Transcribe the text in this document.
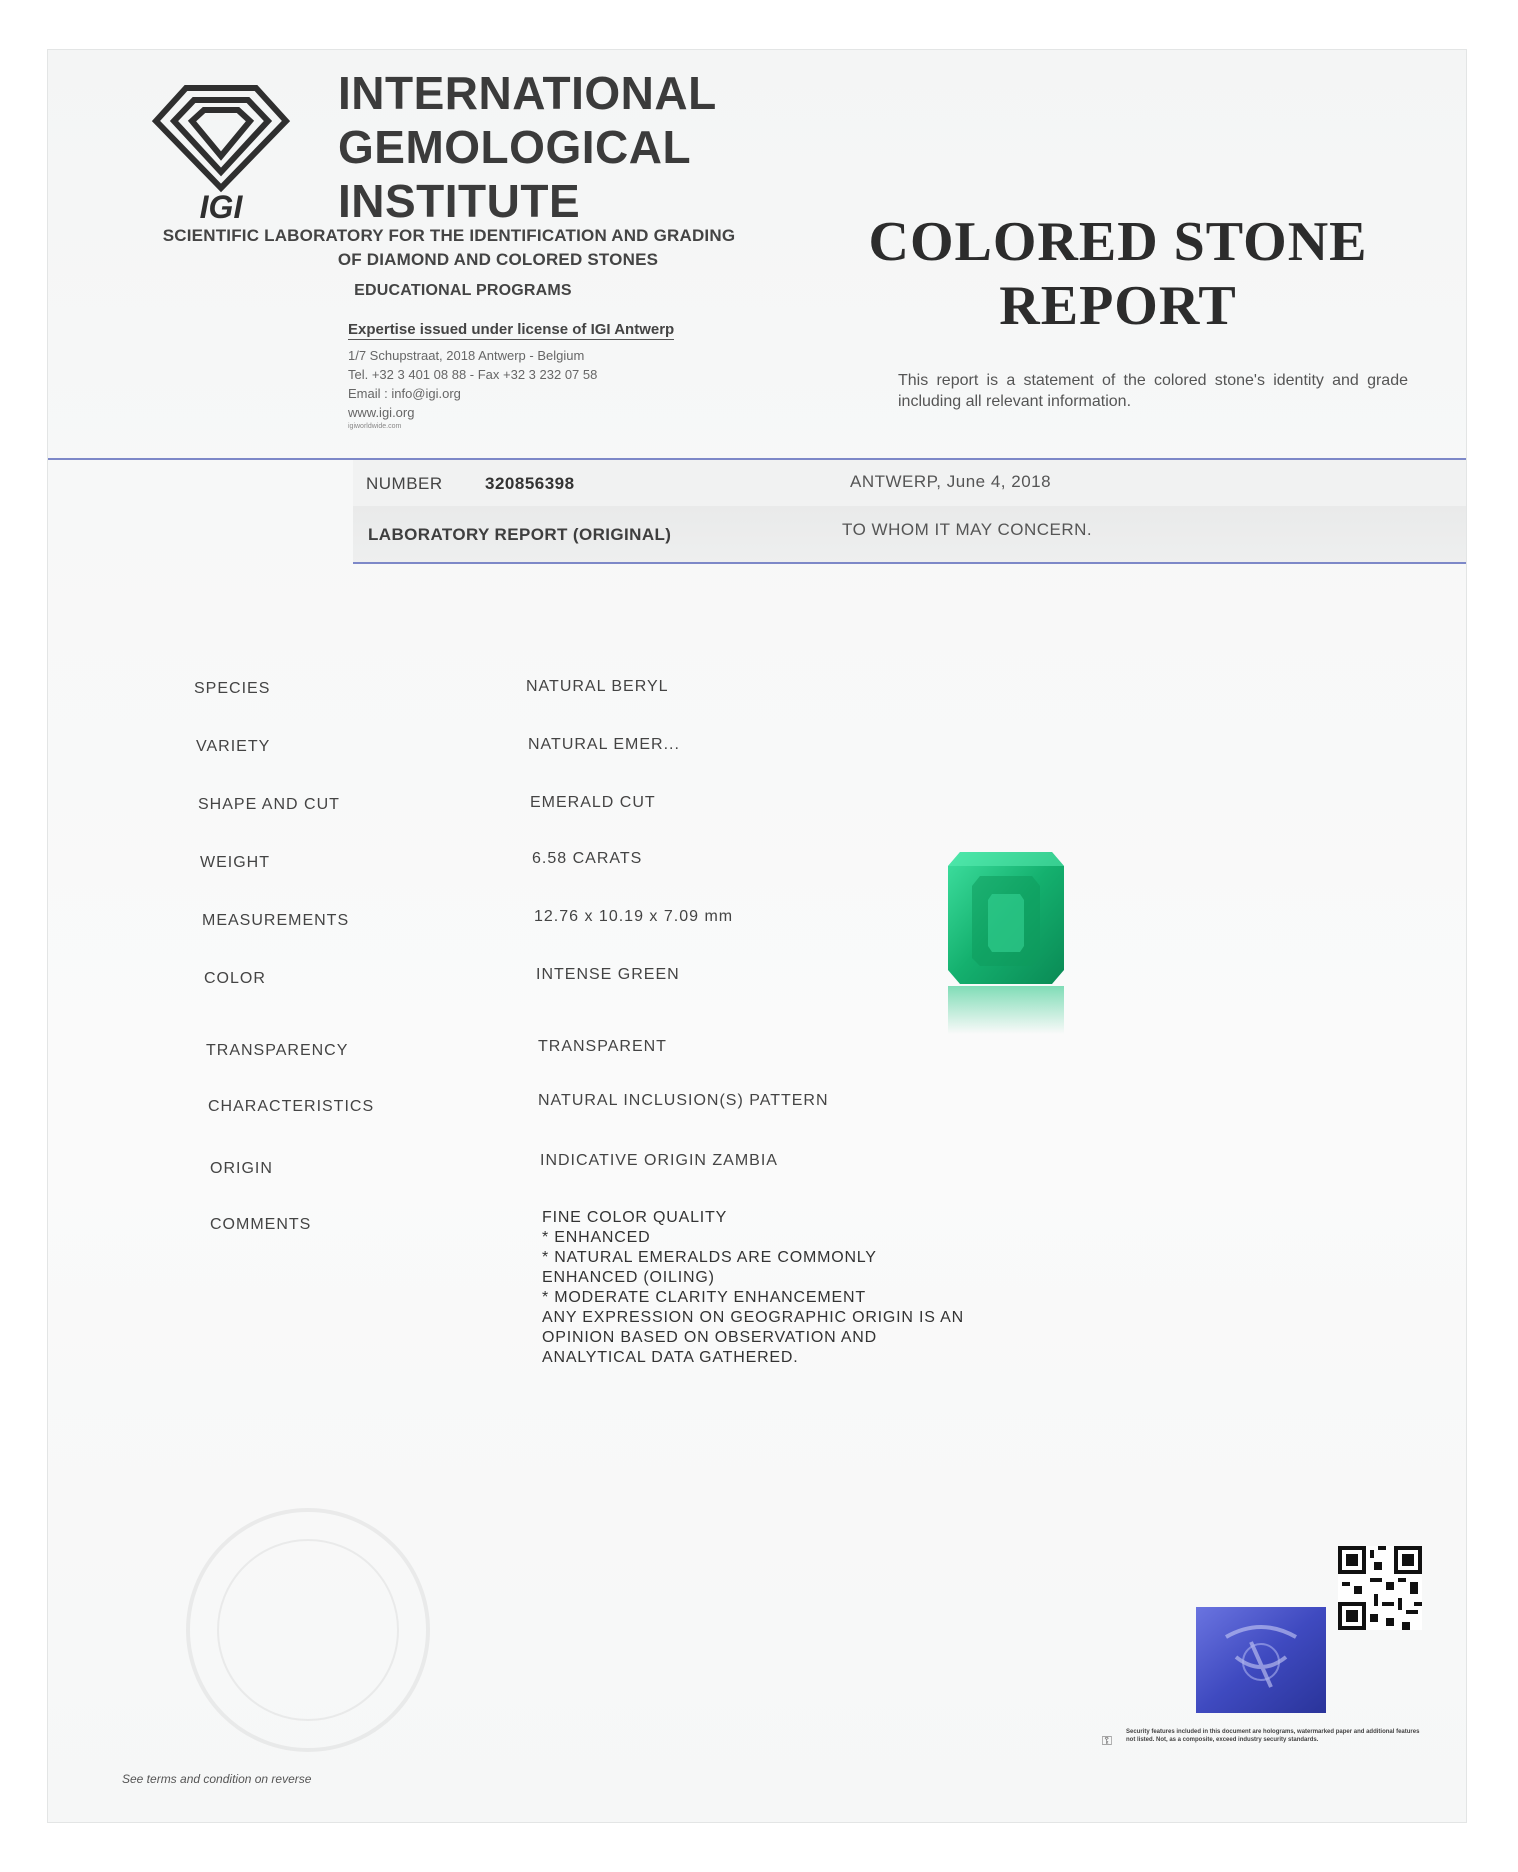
IGI
INTERNATIONAL
GEMOLOGICAL
INSTITUTE
SCIENTIFIC LABORATORY FOR THE IDENTIFICATION AND GRADING
OF DIAMOND AND COLORED STONES
EDUCATIONAL PROGRAMS
Expertise issued under license of IGI Antwerp
1/7 Schupstraat, 2018 Antwerp - Belgium
Tel. +32 3 401 08 88 - Fax +32 3 232 07 58
Email : info@igi.org
www.igi.org
igiworldwide.com
COLORED STONE
REPORT
This report is a statement of the colored stone's identity and grade including all relevant information.
NUMBER 320856398	ANTWERP, June 4, 2018
LABORATORY REPORT (ORIGINAL)	TO WHOM IT MAY CONCERN.
SPECIES	NATURAL BERYL
VARIETY	NATURAL EMER...
SHAPE AND CUT	EMERALD CUT
WEIGHT	6.58 CARATS
MEASUREMENTS	12.76 x 10.19 x 7.09 mm
COLOR	INTENSE GREEN
TRANSPARENCY	TRANSPARENT
CHARACTERISTICS	NATURAL INCLUSION(S) PATTERN
ORIGIN	INDICATIVE ORIGIN ZAMBIA
COMMENTS	FINE COLOR QUALITY
* ENHANCED
* NATURAL EMERALDS ARE COMMONLY
ENHANCED (OILING)
* MODERATE CLARITY ENHANCEMENT
ANY EXPRESSION ON GEOGRAPHIC ORIGIN IS AN
OPINION BASED ON OBSERVATION AND
ANALYTICAL DATA GATHERED.
⚿
Security features included in this document are holograms, watermarked paper and additional features not listed. Not, as a composite, exceed industry security standards.
See terms and condition on reverse
